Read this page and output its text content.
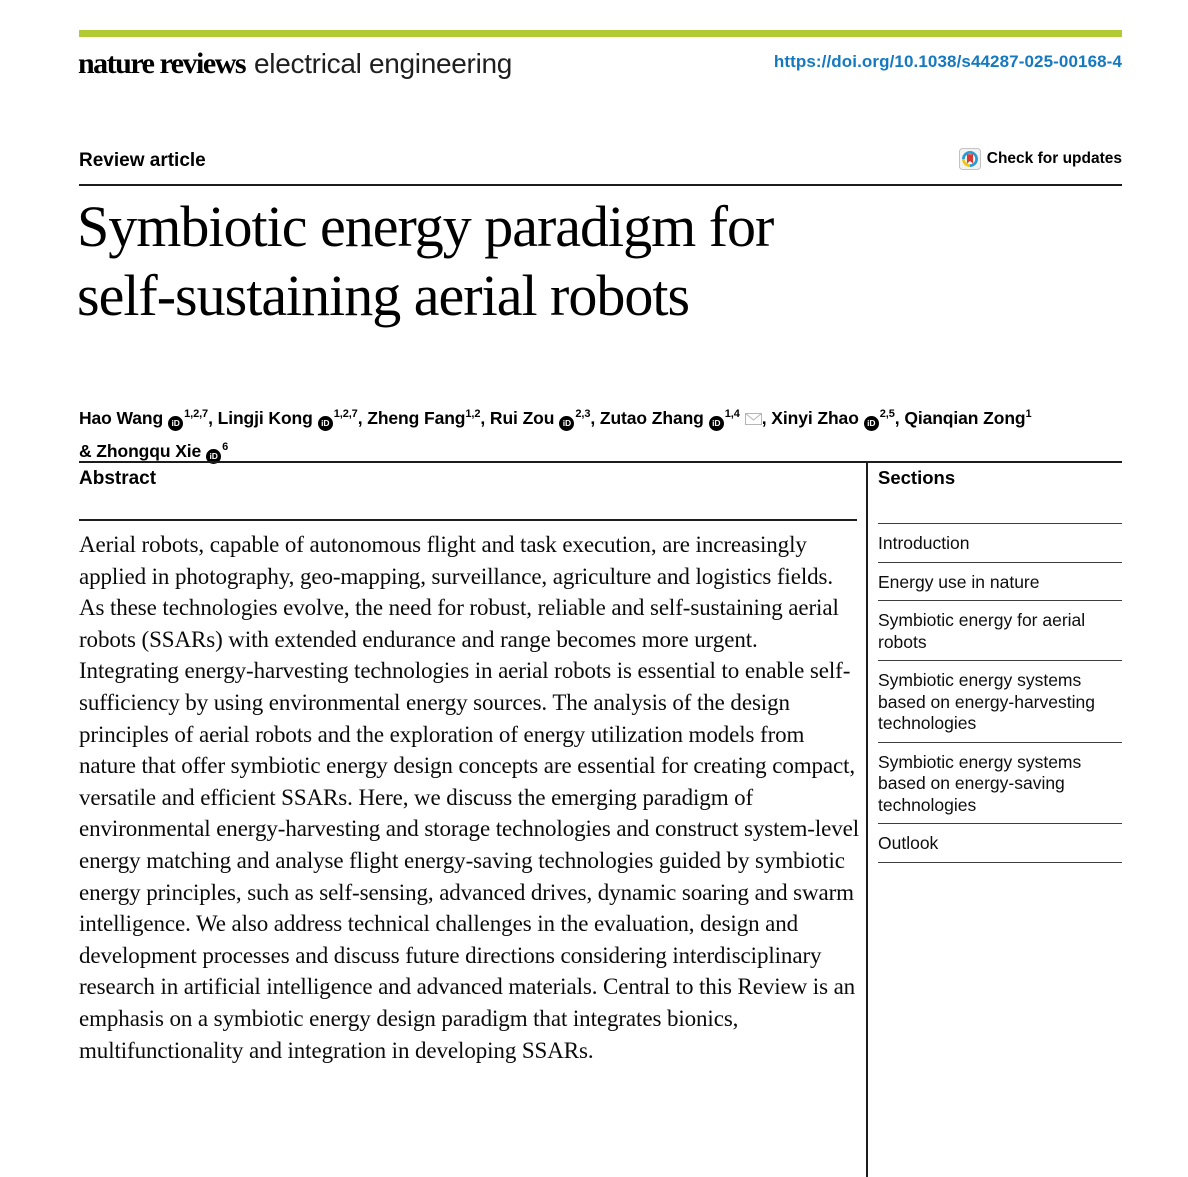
nature reviews electrical engineering	https://doi.org/10.1038/s44287-025-00168-4
Review article	Check for updates
Symbiotic energy paradigm for
self-sustaining aerial robots
Hao Wang iD$^{1,2,7}$, Lingji Kong iD$^{1,2,7}$, Zheng Fang$^{1,2}$, Rui Zou iD$^{2,3}$, Zutao Zhang iD$^{1,4}$ , Xinyi Zhao iD$^{2,5}$, Qianqian Zong$^1$ & Zhongqu Xie $iD^6$
Abstract

Aerial robots, capable of autonomous flight and task execution, are increasingly applied in photography, geo-mapping, surveillance, agriculture and logistics fields. As these technologies evolve, the need for robust, reliable and self-sustaining aerial robots (SSARs) with extended endurance and range becomes more urgent. Integrating energy-harvesting technologies in aerial robots is essential to enable self-sufficiency by using environmental energy sources. The analysis of the design principles of aerial robots and the exploration of energy utilization models from nature that offer symbiotic energy design concepts are essential for creating compact, versatile and efficient SSARs. Here, we discuss the emerging paradigm of environmental energy-harvesting and storage technologies and construct system-level energy matching and analyse flight energy-saving technologies guided by symbiotic energy principles, such as self-sensing, advanced drives, dynamic soaring and swarm intelligence. We also address technical challenges in the evaluation, design and development processes and discuss future directions considering interdisciplinary research in artificial intelligence and advanced materials. Central to this Review is an emphasis on a symbiotic energy design paradigm that integrates bionics, multifunctionality and integration in developing SSARs.

Sections
Introduction
Energy use in nature
Symbiotic energy for aerial robots
Symbiotic energy systems based on energy-harvesting technologies
Symbiotic energy systems based on energy-saving technologies
Outlook
